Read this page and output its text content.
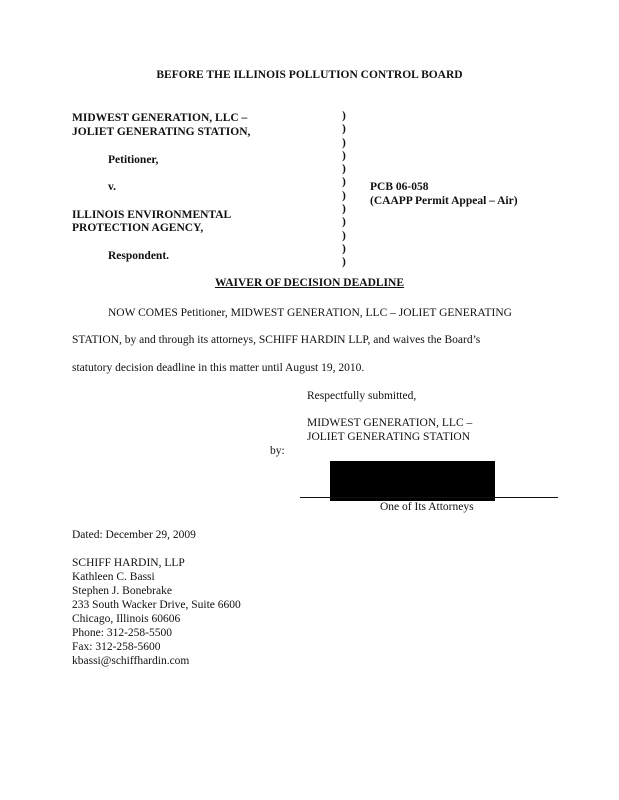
BEFORE THE ILLINOIS POLLUTION CONTROL BOARD
MIDWEST GENERATION, LLC –
JOLIET GENERATING STATION,
Petitioner,
v.
ILLINOIS ENVIRONMENTAL
PROTECTION AGENCY,
Respondent.
)
)
)
)
)
)
)
)
)
)
)
)
PCB 06-058
(CAAPP Permit Appeal – Air)
WAIVER OF DECISION DEADLINE
NOW COMES Petitioner, MIDWEST GENERATION, LLC – JOLIET GENERATING
STATION, by and through its attorneys, SCHIFF HARDIN LLP, and waives the Board’s
statutory decision deadline in this matter until August 19, 2010.
Respectfully submitted,
MIDWEST GENERATION, LLC –
JOLIET GENERATING STATION
by:
One of Its Attorneys
Dated: December 29, 2009
SCHIFF HARDIN, LLP
Kathleen C. Bassi
Stephen J. Bonebrake
233 South Wacker Drive, Suite 6600
Chicago, Illinois 60606
Phone: 312-258-5500
Fax: 312-258-5600
kbassi@schiffhardin.com
